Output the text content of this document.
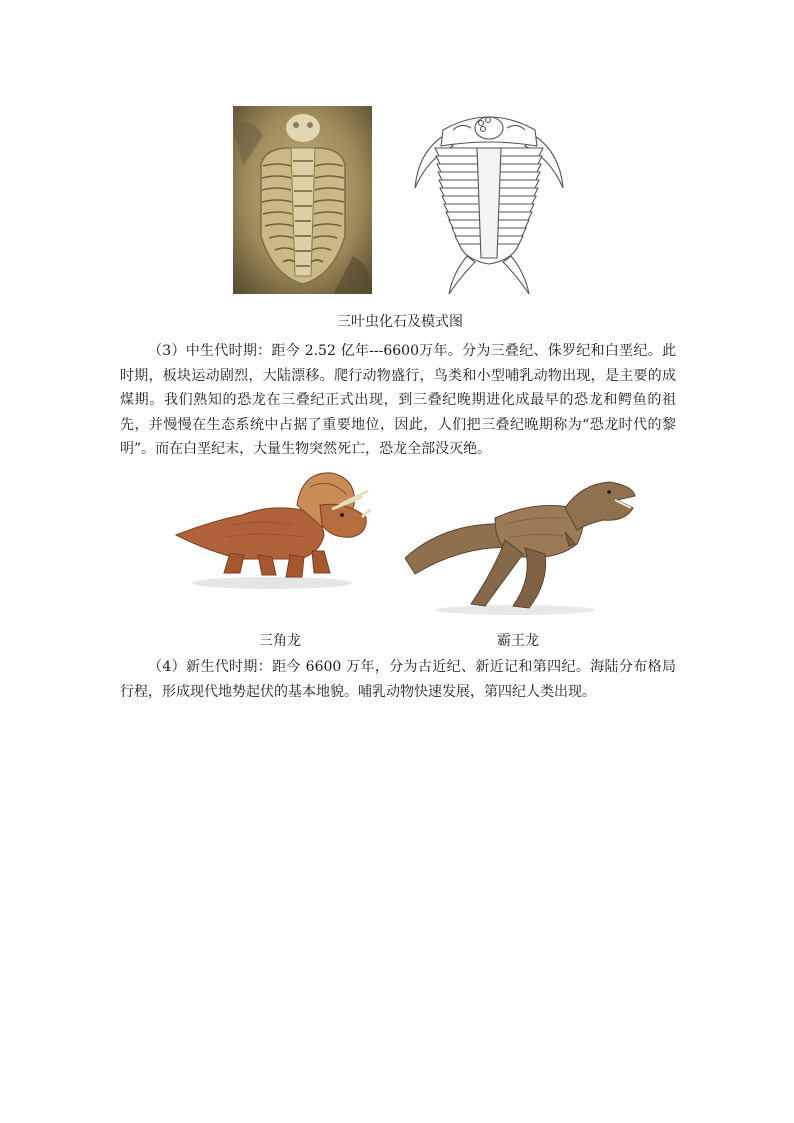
三叶虫化石及模式图
（3）中生代时期：距今 2.52 亿年---6600万年。分为三叠纪、侏罗纪和白垩纪。此时期，板块运动剧烈，大陆漂移。爬行动物盛行，鸟类和小型哺乳动物出现，是主要的成煤期。我们熟知的恐龙在三叠纪正式出现，到三叠纪晚期进化成最早的恐龙和鳄鱼的祖先，并慢慢在生态系统中占据了重要地位，因此，人们把三叠纪晚期称为“恐龙时代的黎明”。而在白垩纪末，大量生物突然死亡，恐龙全部没灭绝。
三角龙	霸王龙
（4）新生代时期：距今 6600 万年，分为古近纪、新近记和第四纪。海陆分布格局行程，形成现代地势起伏的基本地貌。哺乳动物快速发展，第四纪人类出现。
